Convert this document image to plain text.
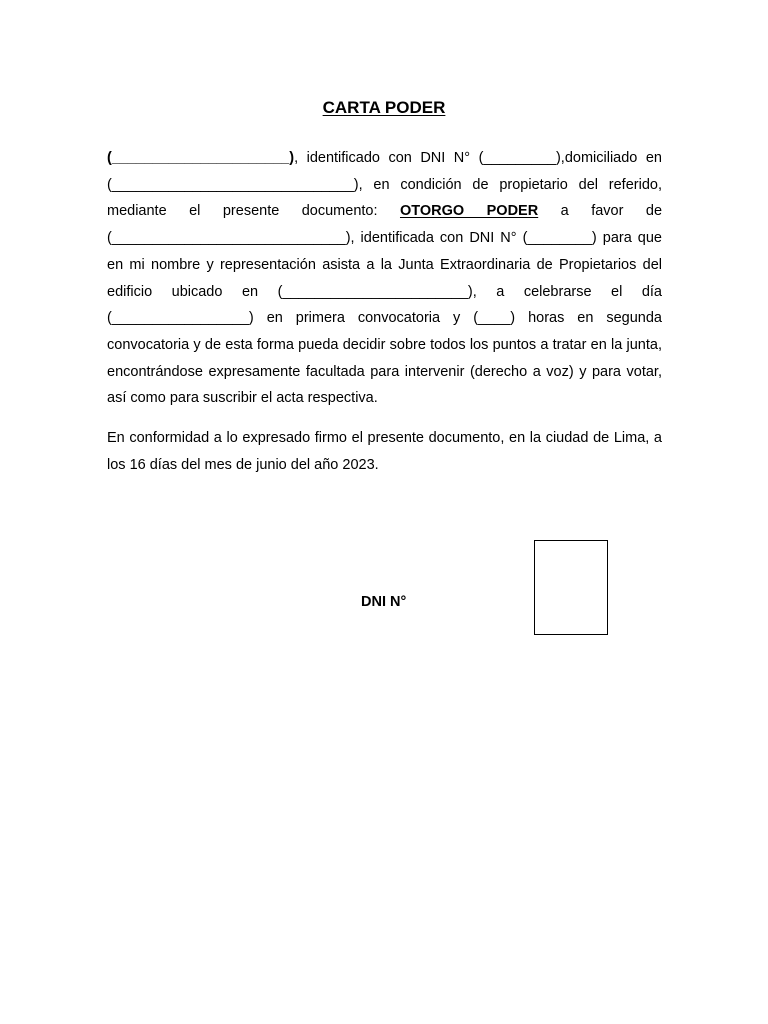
CARTA PODER

(______________________), identificado con DNI N° (_________),domiciliado en (______________________________), en condición de propietario del referido, mediante el presente documento: OTORGO PODER a favor de (_____________________________), identificada con DNI N° (________) para que en mi nombre y representación asista a la Junta Extraordinaria de Propietarios del edificio ubicado en (_______________________), a celebrarse el día (_________________) en primera convocatoria y (____) horas en segunda convocatoria y de esta forma pueda decidir sobre todos los puntos a tratar en la junta, encontrándose expresamente facultada para intervenir (derecho a voz) y para votar, así como para suscribir el acta respectiva.

En conformidad a lo expresado firmo el presente documento, en la ciudad de Lima, a los 16 días del mes de junio del año 2023.

DNI N°
